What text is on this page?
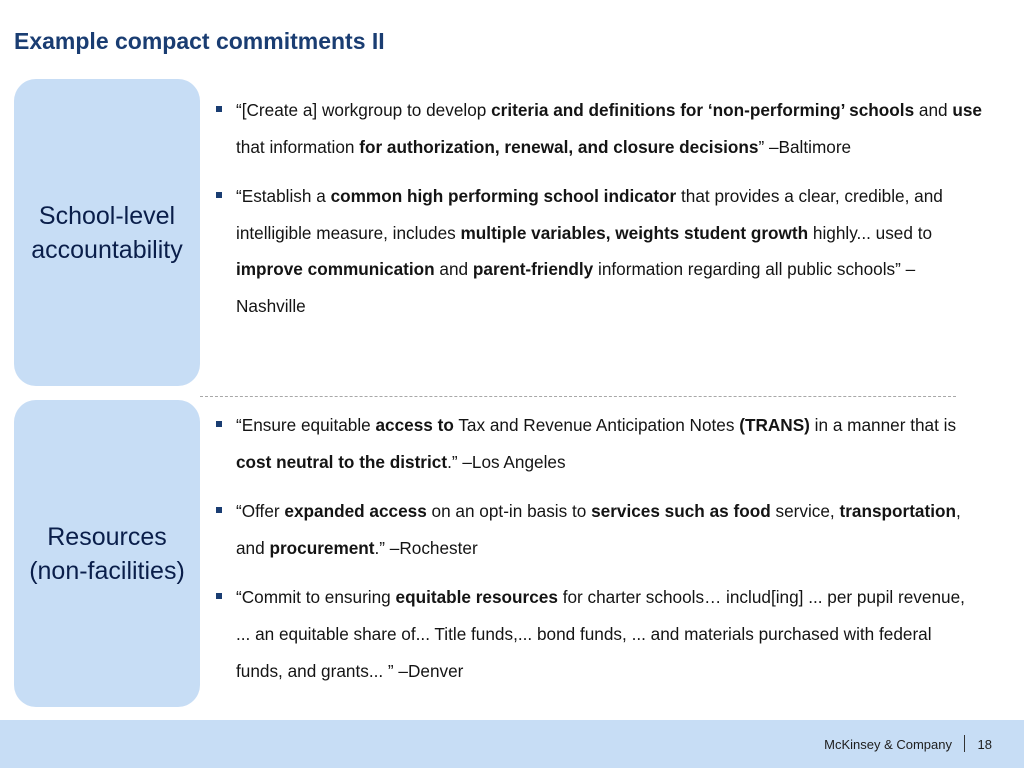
Example compact commitments II
School-level
accountability
“[Create a] workgroup to develop criteria and definitions for ‘non-performing’ schools and use that information for authorization, renewal, and closure decisions” –Baltimore
“Establish a common high performing school indicator that provides a clear, credible, and intelligible measure, includes multiple variables, weights student growth highly... used to improve communication and parent-friendly information regarding all public schools” –Nashville
Resources
(non-facilities)
“Ensure equitable access to Tax and Revenue Anticipation Notes (TRANS) in a manner that is cost neutral to the district.” –Los Angeles
“Offer expanded access on an opt-in basis to services such as food service, transportation, and procurement.” –Rochester
“Commit to ensuring equitable resources for charter schools… includ[ing] ... per pupil revenue, ... an equitable share of... Title funds,... bond funds, ... and materials purchased with federal funds, and grants... ” –Denver
McKinsey & Company 18
